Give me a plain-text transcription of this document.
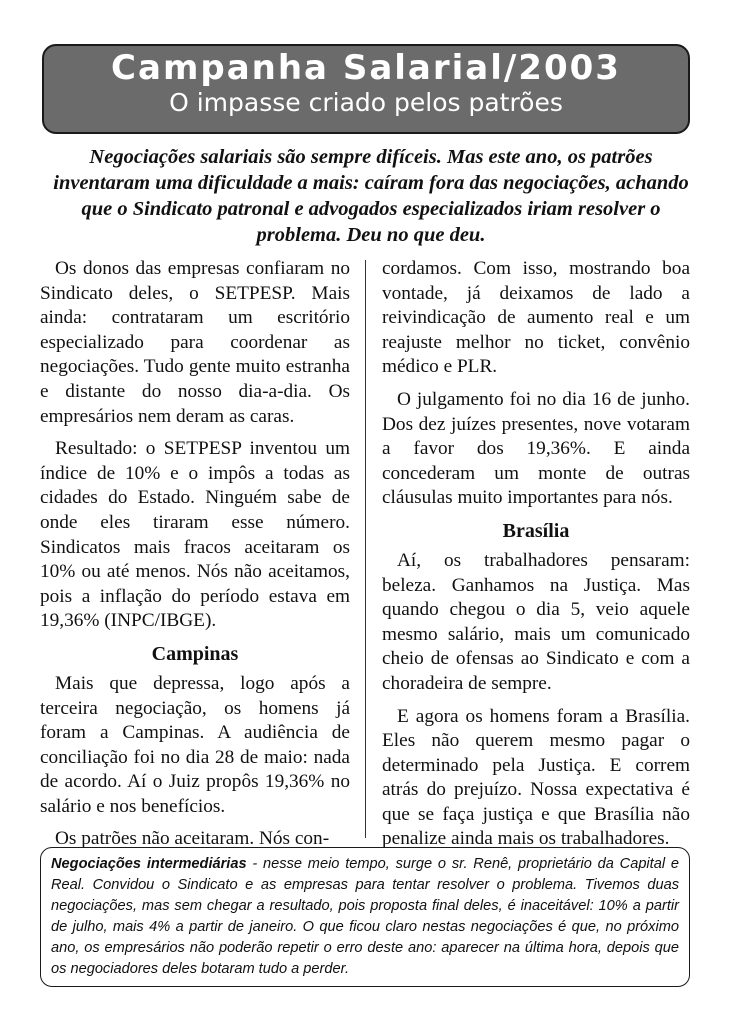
Campanha Salarial/2003
O impasse criado pelos patrões
Negociações salariais são sempre difíceis. Mas este ano, os patrões inventaram uma dificuldade a mais: caíram fora das negociações, achando que o Sindicato patronal e advogados especializados iriam resolver o problema. Deu no que deu.

Os donos das empresas confiaram no Sindicato deles, o SETPESP. Mais ainda: contrataram um escritório especializado para coordenar as negociações. Tudo gente muito estranha e distante do nosso dia-a-dia. Os empresários nem deram as caras.

Resultado: o SETPESP inventou um índice de 10% e o impôs a todas as cidades do Estado. Ninguém sabe de onde eles tiraram esse número. Sindicatos mais fracos aceitaram os 10% ou até menos. Nós não aceitamos, pois a inflação do período estava em 19,36% (INPC/IBGE).

Campinas

Mais que depressa, logo após a terceira negociação, os homens já foram a Campinas. A audiência de conciliação foi no dia 28 de maio: nada de acordo. Aí o Juiz propôs 19,36% no salário e nos benefícios.

Os patrões não aceitaram. Nós con-

cordamos. Com isso, mostrando boa vontade, já deixamos de lado a reivindicação de aumento real e um reajuste melhor no ticket, convênio médico e PLR.

O julgamento foi no dia 16 de junho. Dos dez juízes presentes, nove votaram a favor dos 19,36%. E ainda concederam um monte de outras cláusulas muito importantes para nós.

Brasília

Aí, os trabalhadores pensaram: beleza. Ganhamos na Justiça. Mas quando chegou o dia 5, veio aquele mesmo salário, mais um comunicado cheio de ofensas ao Sindicato e com a choradeira de sempre.

E agora os homens foram a Brasília. Eles não querem mesmo pagar o determinado pela Justiça. E correm atrás do prejuízo. Nossa expectativa é que se faça justiça e que Brasília não penalize ainda mais os trabalhadores.

Negociações intermediárias - nesse meio tempo, surge o sr. Renê, proprietário da Capital e Real. Convidou o Sindicato e as empresas para tentar resolver o problema. Tivemos duas negociações, mas sem chegar a resultado, pois proposta final deles, é inaceitável: 10% a partir de julho, mais 4% a partir de janeiro. O que ficou claro nestas negociações é que, no próximo ano, os empresários não poderão repetir o erro deste ano: aparecer na última hora, depois que os negociadores deles botaram tudo a perder.
